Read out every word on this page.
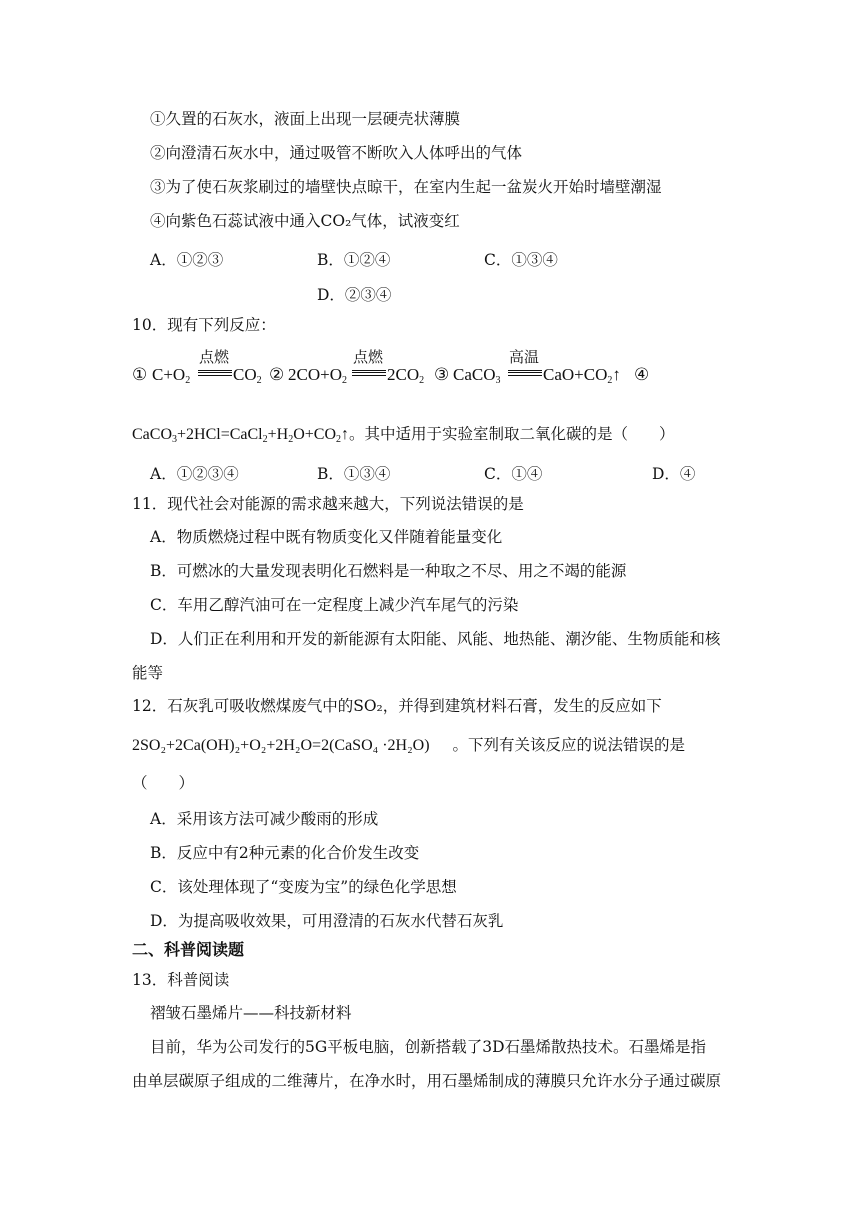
①久置的石灰水，液面上出现一层硬壳状薄膜
②向澄清石灰水中，通过吸管不断吹入人体呼出的气体
③为了使石灰浆刷过的墙壁快点晾干，在室内生起一盆炭火开始时墙壁潮湿
④向紫色石蕊试液中通入CO₂气体，试液变红
A．①②③	B．①②④	C．①③④
D．②③④
10．现有下列反应：
① $C+O_2$
点燃
$CO_2$ ② $2CO+O_2$
点燃
$2CO_2$ ③ CaCO$_3$
高温
$CaO+CO_2↑$ ④
$CaCO_3+2HCl=CaCl_2+H_2O+CO_2↑$。其中适用于实验室制取二氧化碳的是（　　）
A．①②③④	B．①③④	C．①④	D．④
11．现代社会对能源的需求越来越大，下列说法错误的是
A．物质燃烧过程中既有物质变化又伴随着能量变化
B．可燃冰的大量发现表明化石燃料是一种取之不尽、用之不竭的能源
C．车用乙醇汽油可在一定程度上减少汽车尾气的污染
D．人们正在利用和开发的新能源有太阳能、风能、地热能、潮汐能、生物质能和核
能等
12．石灰乳可吸收燃煤废气中的SO₂，并得到建筑材料石膏，发生的反应如下
2SO₂+2Ca(OH)₂+O₂+2H₂O=2(CaSO₄ ·2H₂O) 。下列有关该反应的说法错误的是
（　　）
A．采用该方法可减少酸雨的形成
B．反应中有2种元素的化合价发生改变
C．该处理体现了“变废为宝”的绿色化学思想
D．为提高吸收效果，可用澄清的石灰水代替石灰乳
二、科普阅读题
13．科普阅读
褶皱石墨烯片——科技新材料
目前，华为公司发行的5G平板电脑，创新搭载了3D石墨烯散热技术。石墨烯是指
由单层碳原子组成的二维薄片，在净水时，用石墨烯制成的薄膜只允许水分子通过碳原
